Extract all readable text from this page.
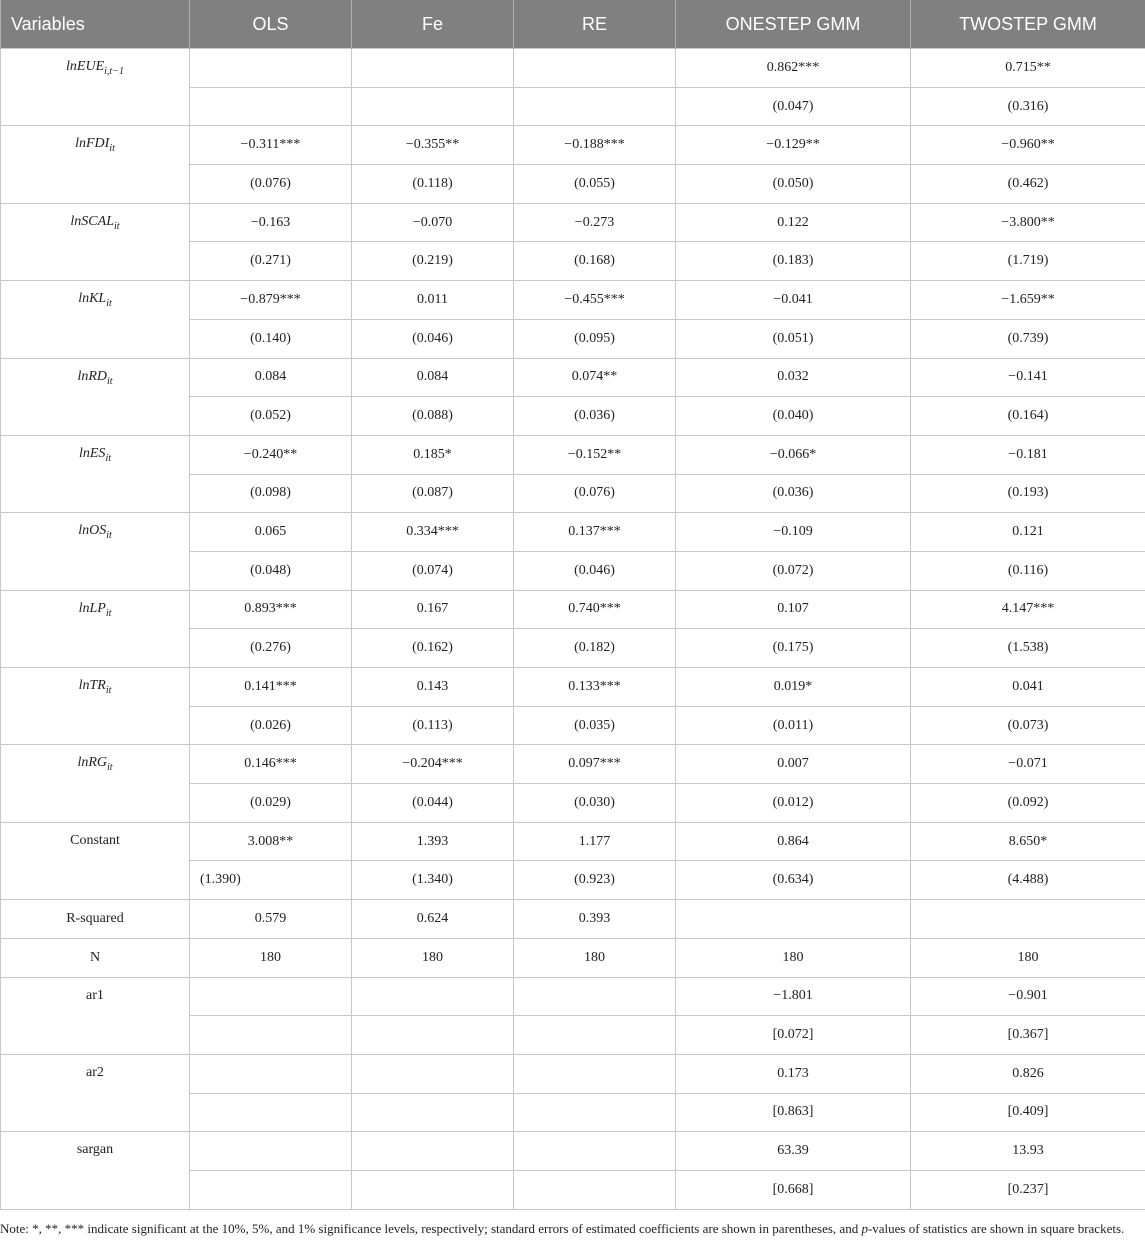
Variables	OLS	Fe	RE	ONESTEP GMM	TWOSTEP GMM
lnEUE$_{i,t-1}$				0.862***	0.715**
				(0.047)	(0.316)
lnFDI$_{it}$	−0.311***	−0.355**	−0.188***	−0.129**	−0.960**
	(0.076)	(0.118)	(0.055)	(0.050)	(0.462)
lnSCAL$_{it}$	−0.163	−0.070	−0.273	0.122	−3.800**
	(0.271)	(0.219)	(0.168)	(0.183)	(1.719)
lnKL$_{it}$	−0.879***	0.011	−0.455***	−0.041	−1.659**
	(0.140)	(0.046)	(0.095)	(0.051)	(0.739)
lnRD$_{it}$	0.084	0.084	0.074**	0.032	−0.141
	(0.052)	(0.088)	(0.036)	(0.040)	(0.164)
lnES$_{it}$	−0.240**	0.185*	−0.152**	−0.066*	−0.181
	(0.098)	(0.087)	(0.076)	(0.036)	(0.193)
lnOS$_{it}$	0.065	0.334***	0.137***	−0.109	0.121
	(0.048)	(0.074)	(0.046)	(0.072)	(0.116)
lnLP$_{it}$	0.893***	0.167	0.740***	0.107	4.147***
	(0.276)	(0.162)	(0.182)	(0.175)	(1.538)
lnTR$_{it}$	0.141***	0.143	0.133***	0.019*	0.041
	(0.026)	(0.113)	(0.035)	(0.011)	(0.073)
lnRG$_{it}$	0.146***	−0.204***	0.097***	0.007	−0.071
	(0.029)	(0.044)	(0.030)	(0.012)	(0.092)
Constant	3.008**	1.393	1.177	0.864	8.650*
	(1.390)	(1.340)	(0.923)	(0.634)	(4.488)
R-squared	0.579	0.624	0.393		
N	180	180	180	180	180
ar1				−1.801	−0.901
				[0.072]	[0.367]
ar2				0.173	0.826
				[0.863]	[0.409]
sargan				63.39	13.93
				[0.668]	[0.237]
Note: *, **, *** indicate significant at the 10%, 5%, and 1% significance levels, respectively; standard errors of estimated coefficients are shown in parentheses, and p-values of statistics are shown in square brackets.
